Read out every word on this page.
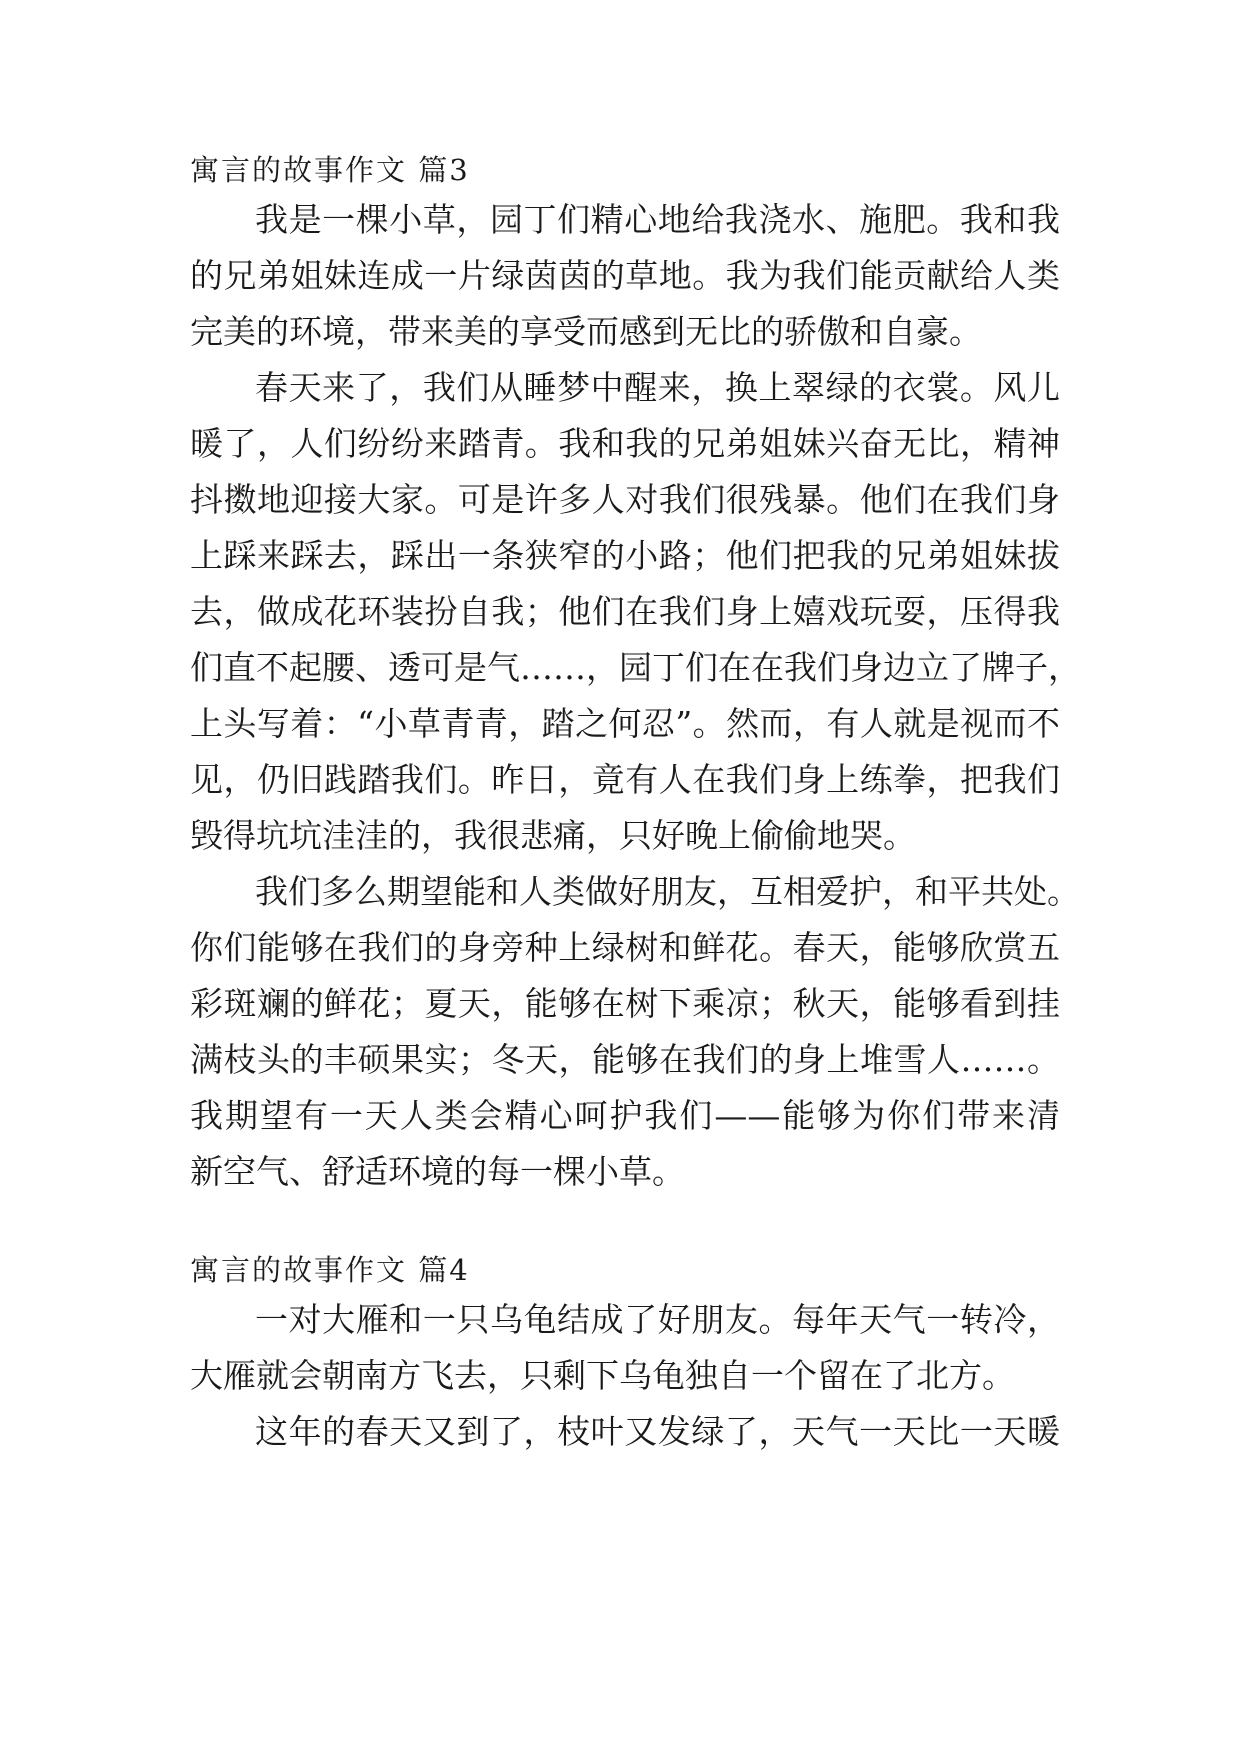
寓言的故事作文 篇3
我是一棵小草，园丁们精心地给我浇水、施肥。我和我
的兄弟姐妹连成一片绿茵茵的草地。我为我们能贡献给人类
完美的环境，带来美的享受而感到无比的骄傲和自豪。
春天来了，我们从睡梦中醒来，换上翠绿的衣裳。风儿
暖了，人们纷纷来踏青。我和我的兄弟姐妹兴奋无比，精神
抖擞地迎接大家。可是许多人对我们很残暴。他们在我们身
上踩来踩去，踩出一条狭窄的小路；他们把我的兄弟姐妹拔
去，做成花环装扮自我；他们在我们身上嬉戏玩耍，压得我
们直不起腰、透可是气……，园丁们在在我们身边立了牌子，
上头写着：“小草青青，踏之何忍”。然而，有人就是视而不
见，仍旧践踏我们。昨日，竟有人在我们身上练拳，把我们
毁得坑坑洼洼的，我很悲痛，只好晚上偷偷地哭。
我们多么期望能和人类做好朋友，互相爱护，和平共处。
你们能够在我们的身旁种上绿树和鲜花。春天，能够欣赏五
彩斑斓的鲜花；夏天，能够在树下乘凉；秋天，能够看到挂
满枝头的丰硕果实；冬天，能够在我们的身上堆雪人……。
我期望有一天人类会精心呵护我们——能够为你们带来清
新空气、舒适环境的每一棵小草。
寓言的故事作文 篇4
一对大雁和一只乌龟结成了好朋友。每年天气一转冷，
大雁就会朝南方飞去，只剩下乌龟独自一个留在了北方。
这年的春天又到了，枝叶又发绿了，天气一天比一天暖
